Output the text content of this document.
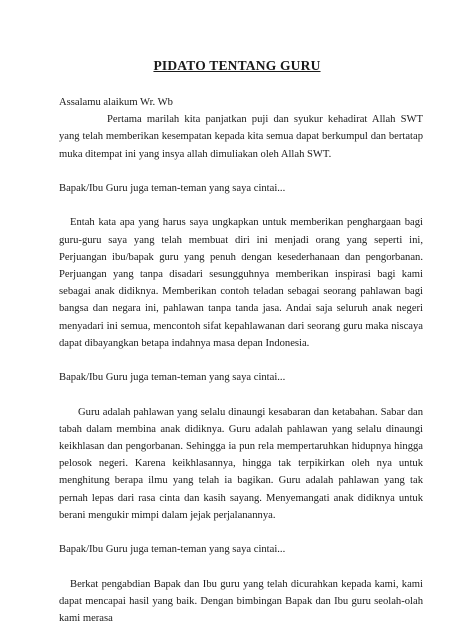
PIDATO TENTANG GURU

Assalamu alaikum Wr. Wb

Pertama marilah kita panjatkan puji dan syukur kehadirat Allah SWT yang telah memberikan kesempatan kepada kita semua dapat berkumpul dan bertatap muka ditempat ini yang insya allah dimuliakan oleh Allah SWT.

Bapak/Ibu Guru juga teman-teman yang saya cintai...

Entah kata apa yang harus saya ungkapkan untuk memberikan penghargaan bagi guru-guru saya yang telah membuat diri ini menjadi orang yang seperti ini, Perjuangan ibu/bapak guru yang penuh dengan kesederhanaan dan pengorbanan. Perjuangan yang tanpa disadari sesungguhnya memberikan inspirasi bagi kami sebagai anak didiknya. Memberikan contoh teladan sebagai seorang pahlawan bagi bangsa dan negara ini, pahlawan tanpa tanda jasa. Andai saja seluruh anak negeri menyadari ini semua, mencontoh sifat kepahlawanan dari seorang guru maka niscaya dapat dibayangkan betapa indahnya masa depan Indonesia.

Bapak/Ibu Guru juga teman-teman yang saya cintai...

Guru adalah pahlawan yang selalu dinaungi kesabaran dan ketabahan. Sabar dan tabah dalam membina anak didiknya. Guru adalah pahlawan yang selalu dinaungi keikhlasan dan pengorbanan. Sehingga ia pun rela mempertaruhkan hidupnya hingga pelosok negeri. Karena keikhlasannya, hingga tak terpikirkan oleh nya untuk menghitung berapa ilmu yang telah ia bagikan. Guru adalah pahlawan yang tak pernah lepas dari rasa cinta dan kasih sayang. Menyemangati anak didiknya untuk berani mengukir mimpi dalam jejak perjalanannya.

Bapak/Ibu Guru juga teman-teman yang saya cintai...

Berkat pengabdian Bapak dan Ibu guru yang telah dicurahkan kepada kami, kami dapat mencapai hasil yang baik. Dengan bimbingan Bapak dan Ibu guru seolah-olah kami merasa
